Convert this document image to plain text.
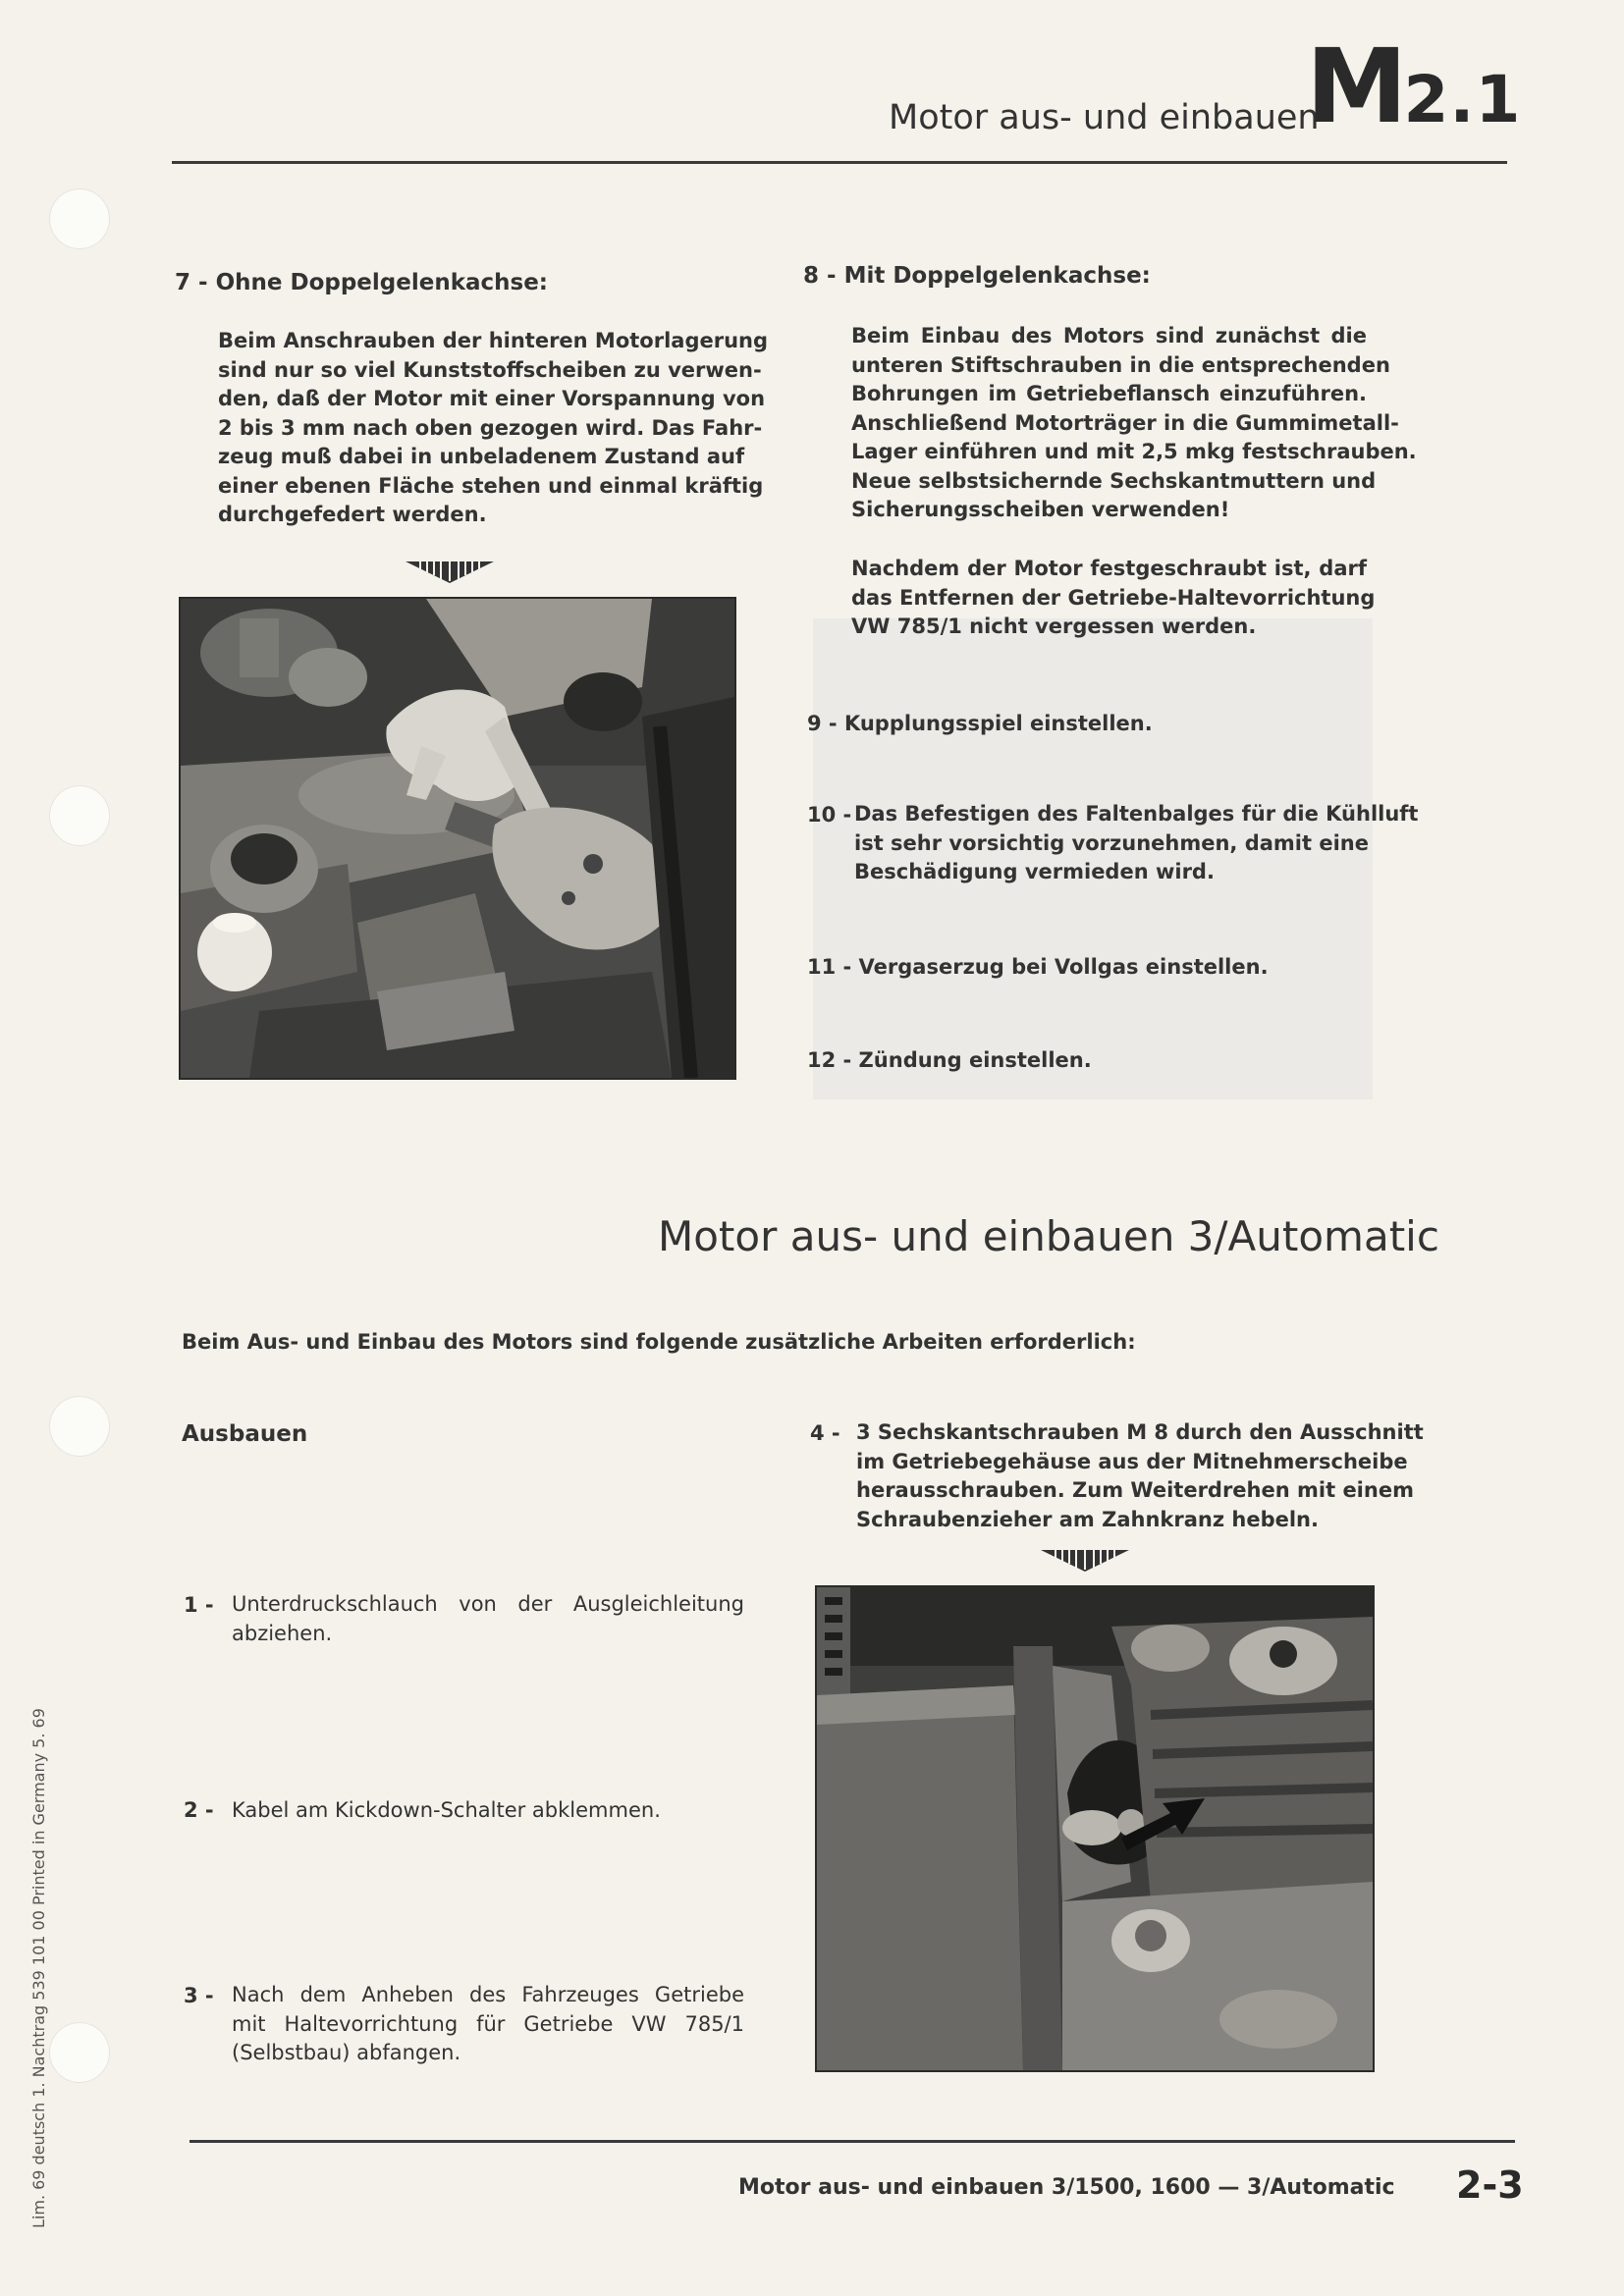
Motor aus- und einbauen
M2.1
7 - Ohne Doppelgelenkachse:
Beim Anschrauben der hinteren Motorlagerung
sind nur so viel Kunststoffscheiben zu verwen-
den, daß der Motor mit einer Vorspannung von
2 bis 3 mm nach oben gezogen wird. Das Fahr-
zeug muß dabei in unbeladenem Zustand auf
einer ebenen Fläche stehen und einmal kräftig
durchgefedert werden.
8 - Mit Doppelgelenkachse:
Beim Einbau des Motors sind zunächst die
unteren Stiftschrauben in die entsprechenden
Bohrungen im Getriebeflansch einzuführen.
Anschließend Motorträger in die Gummimetall-
Lager einführen und mit 2,5 mkg festschrauben.
Neue selbstsichernde Sechskantmuttern und
Sicherungsscheiben verwenden!
Nachdem der Motor festgeschraubt ist, darf
das Entfernen der Getriebe-Haltevorrichtung
VW 785/1 nicht vergessen werden.
9 - Kupplungsspiel einstellen.
10 - Das Befestigen des Faltenbalges für die Kühlluft
ist sehr vorsichtig vorzunehmen, damit eine
Beschädigung vermieden wird.
11 - Vergaserzug bei Vollgas einstellen.
12 - Zündung einstellen.
Motor aus- und einbauen 3/Automatic
Beim Aus- und Einbau des Motors sind folgende zusätzliche Arbeiten erforderlich:
Ausbauen	4 - 3 Sechskantschrauben M 8 durch den Ausschnitt
im Getriebegehäuse aus der Mitnehmerscheibe
herausschrauben. Zum Weiterdrehen mit einem
Schraubenzieher am Zahnkranz hebeln.
1 - Unterdruckschlauch von der Ausgleichleitung
abziehen.
2 - Kabel am Kickdown-Schalter abklemmen.
3 - Nach dem Anheben des Fahrzeuges Getriebe
mit Haltevorrichtung für Getriebe VW 785/1
(Selbstbau) abfangen.
Motor aus- und einbauen 3/1500, 1600 — 3/Automatic 2-3
Lim. 69 deutsch 1. Nachtrag 539 101 00 Printed in Germany 5. 69
